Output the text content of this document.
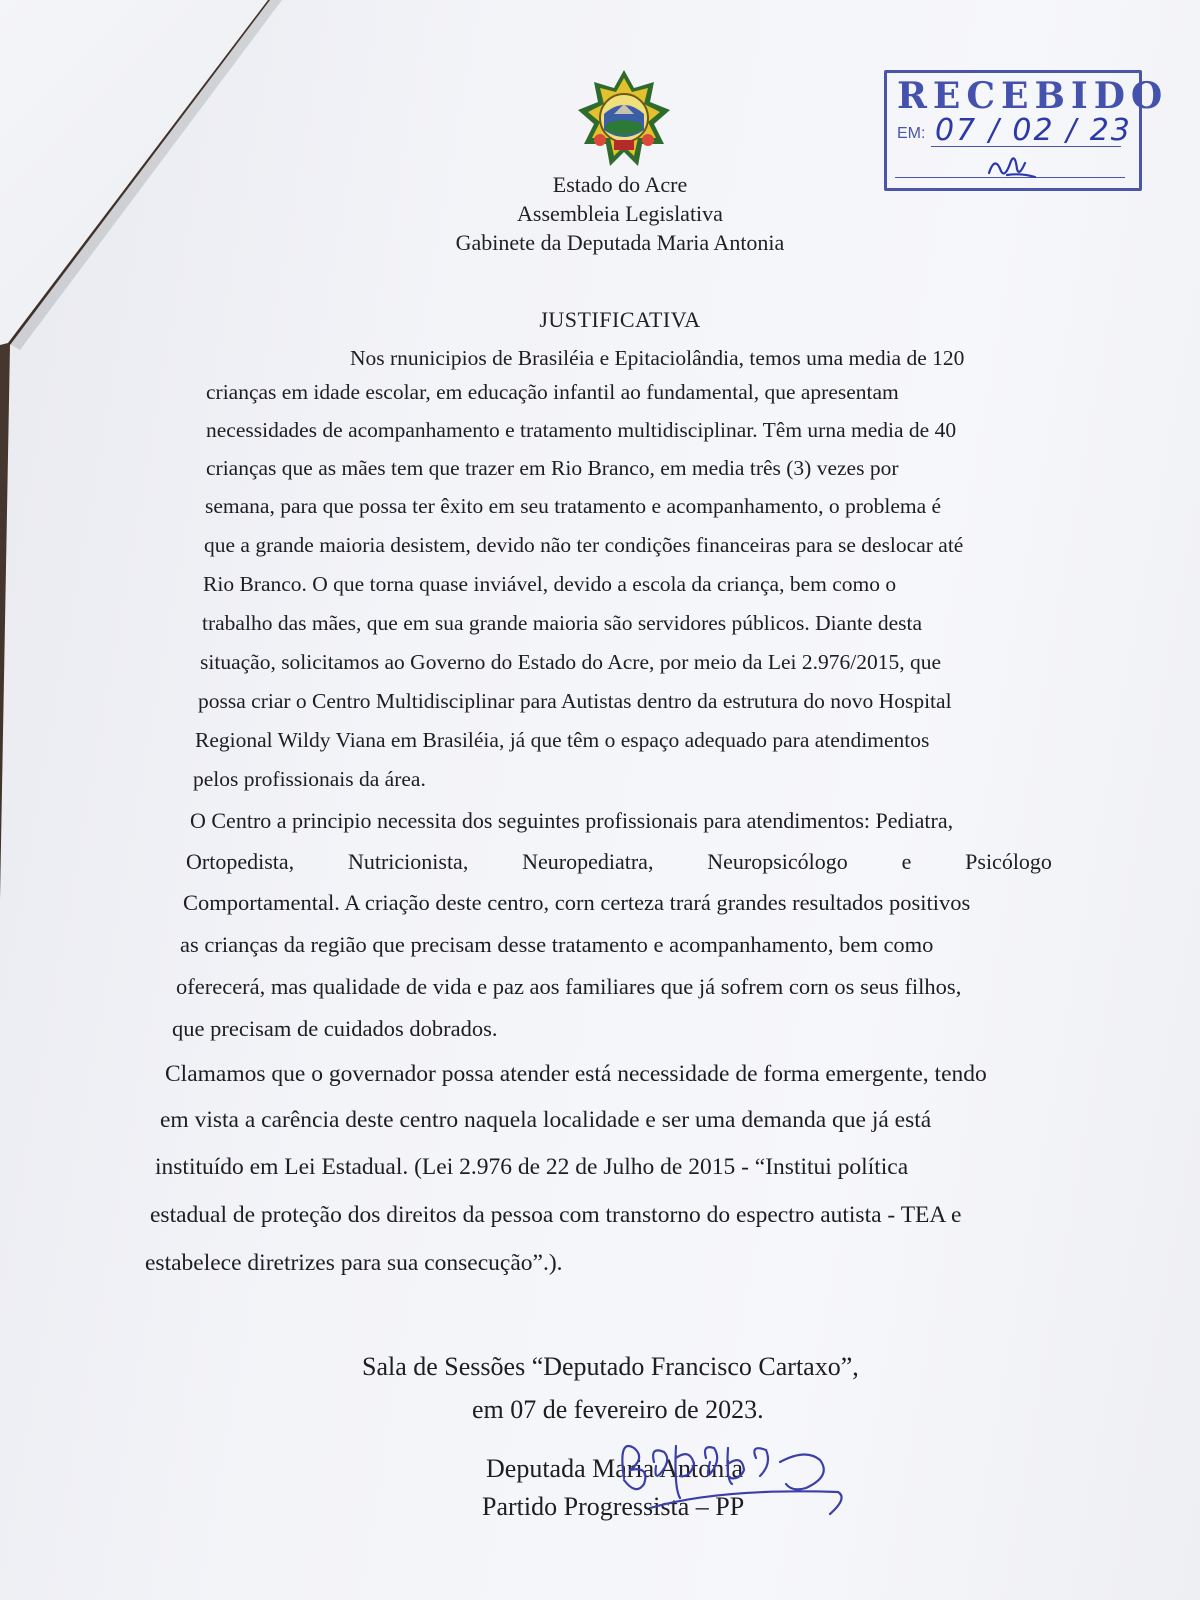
RECEBIDO
EM: 07 / 02 / 23
Estado do Acre
Assembleia Legislativa
Gabinete da Deputada Maria Antonia
JUSTIFICATIVA
Nos rnunicipios de Brasiléia e Epitaciolândia, temos uma media de 120
crianças em idade escolar, em educação infantil ao fundamental, que apresentam
necessidades de acompanhamento e tratamento multidisciplinar. Têm urna media de 40
crianças que as mães tem que trazer em Rio Branco, em media três (3) vezes por
semana, para que possa ter êxito em seu tratamento e acompanhamento, o problema é
que a grande maioria desistem, devido não ter condições financeiras para se deslocar até
Rio Branco. O que torna quase inviável, devido a escola da criança, bem como o
trabalho das mães, que em sua grande maioria são servidores públicos. Diante desta
situação, solicitamos ao Governo do Estado do Acre, por meio da Lei 2.976/2015, que
possa criar o Centro Multidisciplinar para Autistas dentro da estrutura do novo Hospital
Regional Wildy Viana em Brasiléia, já que têm o espaço adequado para atendimentos
pelos profissionais da área.
O Centro a principio necessita dos seguintes profissionais para atendimentos: Pediatra,
Ortopedista, Nutricionista, Neuropediatra, Neuropsicólogo e Psicólogo
Comportamental. A criação deste centro, corn certeza trará grandes resultados positivos
as crianças da região que precisam desse tratamento e acompanhamento, bem como
oferecerá, mas qualidade de vida e paz aos familiares que já sofrem corn os seus filhos,
que precisam de cuidados dobrados.
Clamamos que o governador possa atender está necessidade de forma emergente, tendo
em vista a carência deste centro naquela localidade e ser uma demanda que já está
instituído em Lei Estadual. (Lei 2.976 de 22 de Julho de 2015 - “Institui política
estadual de proteção dos direitos da pessoa com transtorno do espectro autista - TEA e
estabelece diretrizes para sua consecução”.).
Sala de Sessões “Deputado Francisco Cartaxo”,
em 07 de fevereiro de 2023.
Deputada Maria Antonia
Partido Progressista – PP
